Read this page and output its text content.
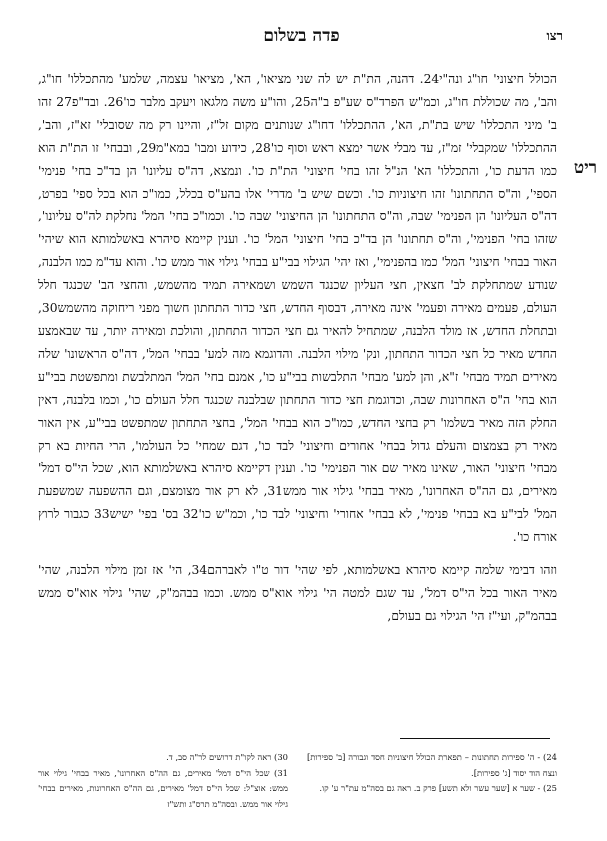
רצו
פדה בשלום
ריט

הכולל חיצוני' חו"ג ונה"י24. דהנה, הת"ת יש לה שני מציאו', הא', מציאו' עצמה, שלמע' מהתכללו' חו"ג, והב', מה שכוללת חו"ג, וכמ"ש הפרד"ס שע"פ ב"ה25, והו"ע משה מלגאו ויעקב מלבר כו'26. ובד"פ27 זהו ב' מיני התכללו' שיש בת"ת, הא', ההתכללו' דחו"ג שנותנים מקום זל"ז, והיינו רק מה שסובלי' זא"ז, והב', ההתכללו' שמקבלי' זמ"ז, עד מבלי אשר ימצא ראש וסוף כו'28, כידוע ומבו' במא"מ29, ובבחי' זו הת"ת הוא כמו הדעת כו', והתכללו' הא' הנ"ל זהו בחי' חיצוני' הת"ת כו'. ונמצא, דה"ס עליונו' הן בד"כ בחי' פנימי' הספי', וה"ס התחתונו' זהו חיצוניות כו'. וכשם שיש ב' מדרי' אלו בהע"ס בכלל, כמו"כ הוא בכל ספי' בפרט, דה"ס העליונו' הן הפנימי' שבה, וה"ס התחתונו' הן החיצוני' שבה כו'. וכמו"כ בחי' המל' נחלקת לה"ס עליונו', שזהו בחי' הפנימי', וה"ס תחתונו' הן בד"כ בחי' חיצוני' המל' כו'. וענין קיימא סיהרא באשלמותא הוא שיהי' האור בבחי' חיצוני' המל' כמו בהפנימי', ואז יהי' הגילוי בבי"ע בבחי' גילוי אור ממש כו'. והוא עד"מ כמו הלבנה, שנודע שמתחלקת לב' חצאין, חצי העליון שכנגד השמש ושמאירה תמיד מהשמש, והחצי הב' שכנגד חלל העולם, פעמים מאירה ופעמי' אינה מאירה, דבסוף החדש, חצי כדור התחתון חשוך מפני ריחוקה מהשמש30, ובתחלת החדש, אז מולד הלבנה, שמתחיל להאיר גם חצי הכדור התחתון, והולכת ומאירה יותר, עד שבאמצע החדש מאיר כל חצי הכדור התחתון, ונק' מילוי הלבנה. והדוגמא מזה למע' בבחי' המל', דה"ס הראשונו' שלה מאירים תמיד מבחי' ז"א, והן למע' מבחי' התלבשות בבי"ע כו', אמנם בחי' המל' המתלבשת ומתפשטת בבי"ע הוא בחי' ה"ס האחרונות שבה, וכדוגמת חצי כדור התחתון שבלבנה שכנגד חלל העולם כו', וכמו בלבנה, דאין החלק הזה מאיר בשלמו' רק בחצי החדש, כמו"כ הוא בבחי' המל', בחצי התחתון שמתפשט בבי"ע, אין האור מאיר רק בצמצום והעלם גדול בבחי' אחורים וחיצוני' לבד כו', דגם שמחי' כל העולמו', הרי החיות בא רק מבחי' חיצוני' האור, שאינו מאיר שם אור הפנימי' כו'. וענין דקיימא סיהרא באשלמותא הוא, שכל הי"ס דמל' מאירים, גם הה"ס האחרונו', מאיר בבחי' גילוי אור ממש31, לא רק אור מצומצם, וגם ההשפעה שמשפעת המל' לבי"ע בא בבחי' פנימי', לא בבחי' אחורי' וחיצוני' לבד כו', וכמ"ש כו'32 בס' בפי' ישיש33 כגבור לרוץ אורח כו'.

וזהו דבימי שלמה קיימא סיהרא באשלמותא, לפי שהי' דור ט"ו לאברהם34, הי' אז זמן מילוי הלבנה, שהי' מאיר האור בכל הי"ס דמל', עד שגם למטה הי' גילוי אוא"ס ממש. וכמו בבהמ"ק, שהי' גילוי אוא"ס ממש בבהמ"ק, ועי"ז הי' הגילוי גם בעולם,

24) - ה' ספירות תחתונות – תפארת הכולל חיצוניות חסד וגבורה [ב' ספירות] ונצח הוד יסוד [ג' ספירות].
25) - שער א [שער עשר ולא תשע] פרק ב. ראה גם בסה"מ עת"ר ע' קו.
30) ראה לקו"ת דרושים לר"ה סב, ד.
31) שכל הי"ס דמל' מאירים, גם הה"ס האחרונו', מאיר בבחי' גילוי אור ממש: אוצ"ל: שכל הי"ס דמל' מאירים, גם הה"ס האחרונות, מאירים בבחי' גילוי אור ממש. ובסה"מ תרס"ג ותש"ז
